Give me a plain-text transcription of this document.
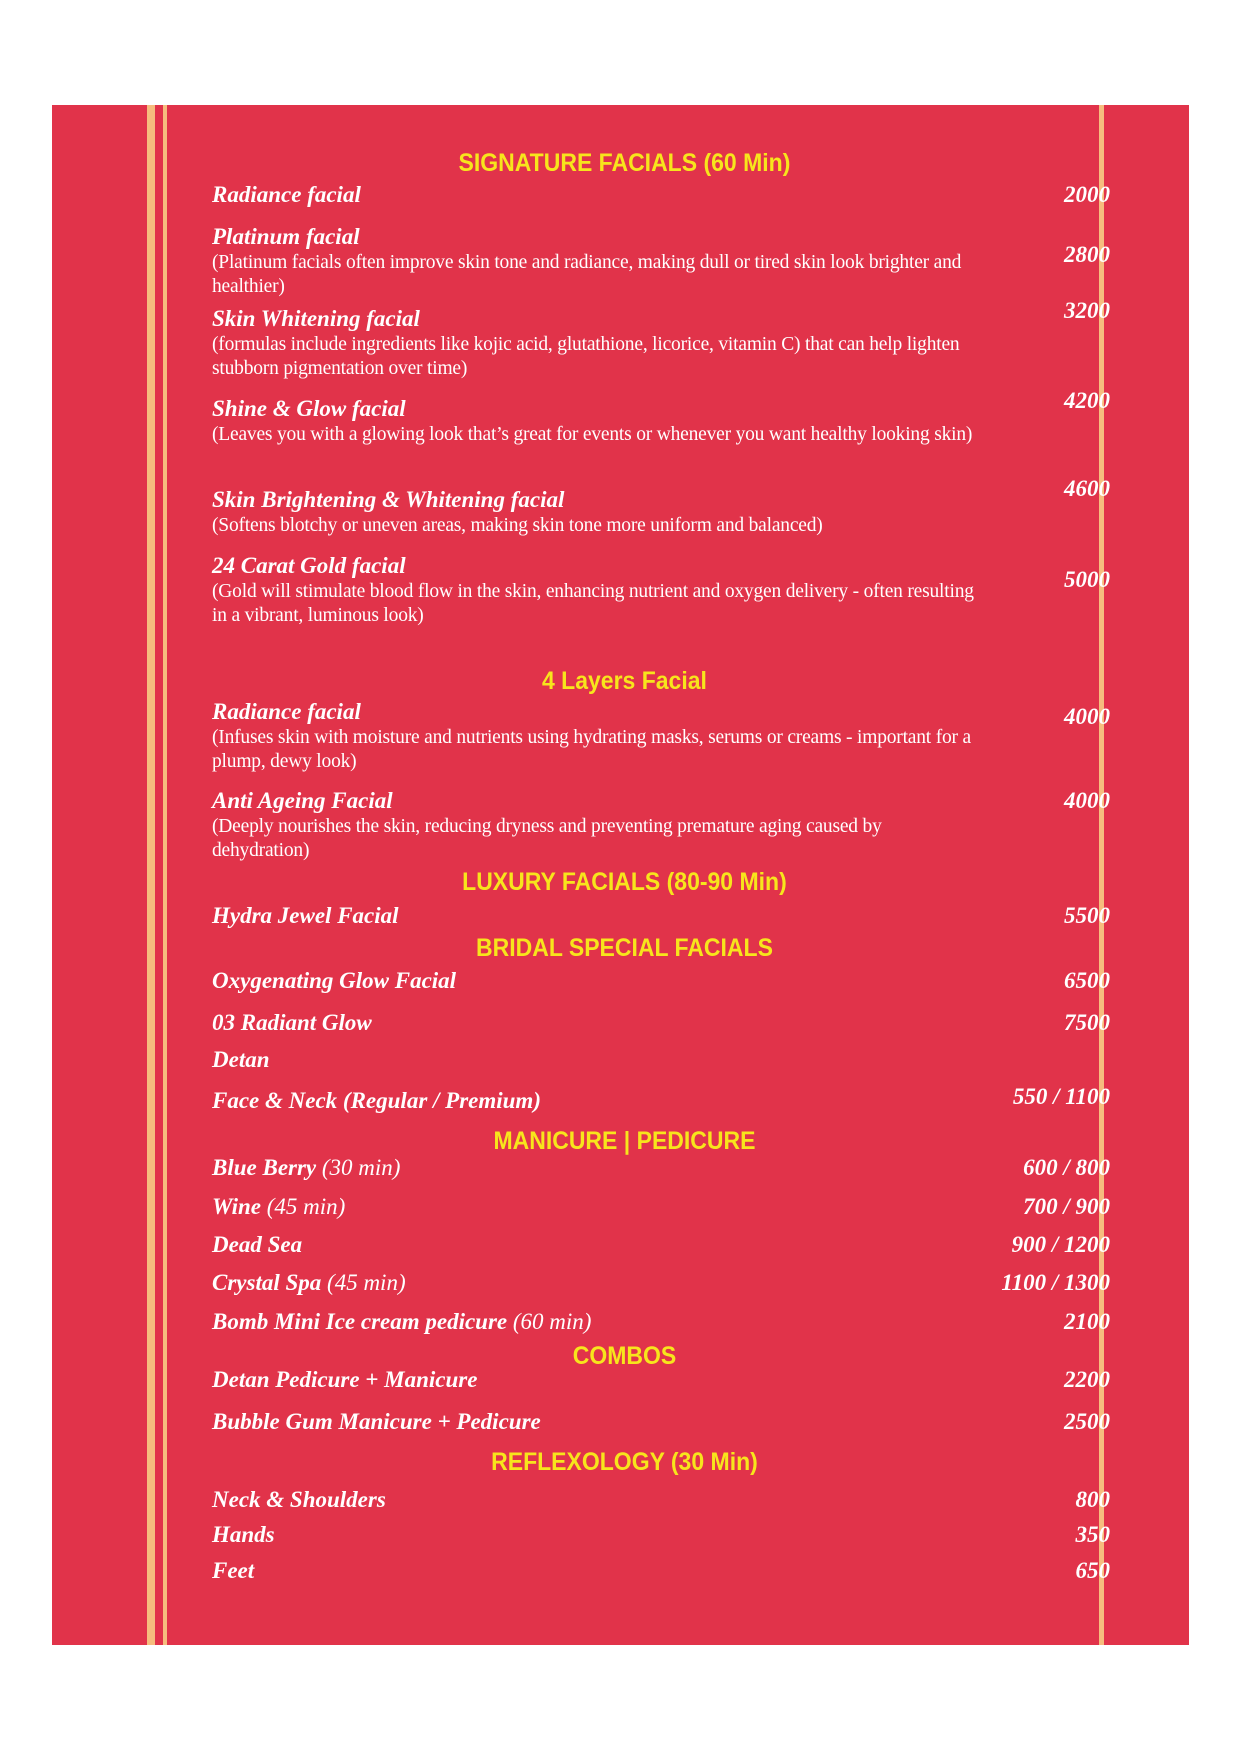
SIGNATURE FACIALS (60 Min)
Radiance facial	2000
Platinum facial
(Platinum facials often improve skin tone and radiance, making dull or tired skin look brighter and healthier)
2800
Skin Whitening facial
(formulas include ingredients like kojic acid, glutathione, licorice, vitamin C) that can help lighten stubborn pigmentation over time)
3200
Shine & Glow facial
(Leaves you with a glowing look that’s great for events or whenever you want healthy looking skin)
4200
Skin Brightening & Whitening facial
(Softens blotchy or uneven areas, making skin tone more uniform and balanced)
4600
24 Carat Gold facial
(Gold will stimulate blood flow in the skin, enhancing nutrient and oxygen delivery - often resulting in a vibrant, luminous look)
5000
4 Layers Facial
Radiance facial
(Infuses skin with moisture and nutrients using hydrating masks, serums or creams - important for a plump, dewy look)
4000
Anti Ageing Facial
(Deeply nourishes the skin, reducing dryness and preventing premature aging caused by dehydration)
4000
LUXURY FACIALS (80-90 Min)
Hydra Jewel Facial	5500
BRIDAL SPECIAL FACIALS
Oxygenating Glow Facial	6500
03 Radiant Glow	7500
Detan
Face & Neck (Regular / Premium)	550 / 1100
MANICURE | PEDICURE
Blue Berry (30 min)	600 / 800
Wine (45 min)	700 / 900
Dead Sea	900 / 1200
Crystal Spa (45 min)	1100 / 1300
Bomb Mini Ice cream pedicure (60 min)	2100
COMBOS
Detan Pedicure + Manicure	2200
Bubble Gum Manicure + Pedicure	2500
REFLEXOLOGY (30 Min)
Neck & Shoulders	800
Hands	350
Feet	650
